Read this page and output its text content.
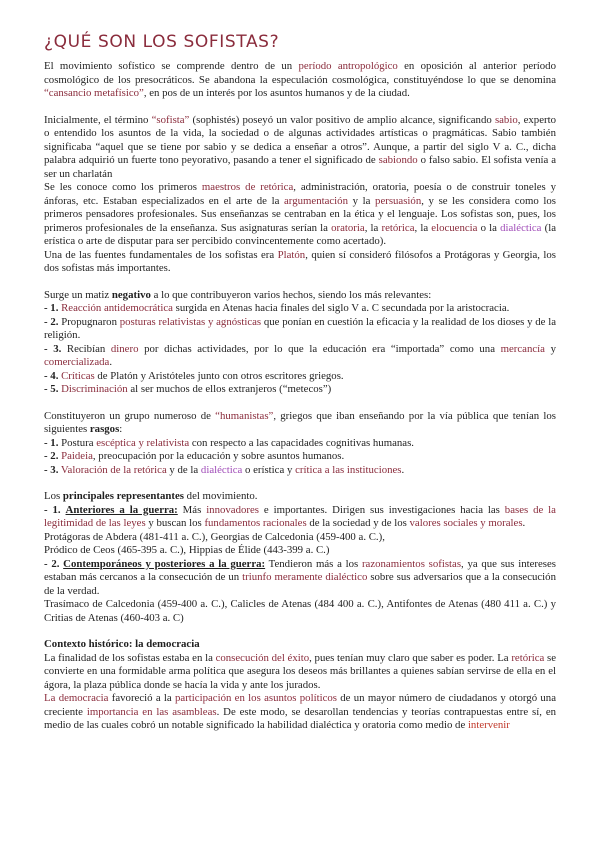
¿QUÉ SON LOS SOFISTAS?

El movimiento sofístico se comprende dentro de un período antropológico en oposición al anterior período cosmológico de los presocráticos. Se abandona la especulación cosmológica, constituyéndose lo que se denomina “cansancio metafísico”, en pos de un interés por los asuntos humanos y de la ciudad.

Inicialmente, el término “sofista” (sophistés) poseyó un valor positivo de amplio alcance, significando sabio, experto o entendido los asuntos de la vida, la sociedad o de algunas actividades artísticas o pragmáticas. Sabio también significaba “aquel que se tiene por sabio y se dedica a enseñar a otros”. Aunque, a partir del siglo V a. C., dicha palabra adquirió un fuerte tono peyorativo, pasando a tener el significado de sabiondo o falso sabio. El sofista venía a ser un charlatán

Se les conoce como los primeros maestros de retórica, administración, oratoria, poesía o de construir toneles y ánforas, etc. Estaban especializados en el arte de la argumentación y la persuasión, y se les considera como los primeros pensadores profesionales. Sus enseñanzas se centraban en la ética y el lenguaje. Los sofistas son, pues, los primeros profesionales de la enseñanza. Sus asignaturas serían la oratoria, la retórica, la elocuencia o la dialéctica (la erística o arte de disputar para ser percibido convincentemente como acertado).

Una de las fuentes fundamentales de los sofistas era Platón, quien sí consideró filósofos a Protágoras y Georgia, los dos sofistas más importantes.

Surge un matiz negativo a lo que contribuyeron varios hechos, siendo los más relevantes:

- 1. Reacción antidemocrática surgida en Atenas hacia finales del siglo V a. C secundada por la aristocracia.

- 2. Propugnaron posturas relativistas y agnósticas que ponían en cuestión la eficacia y la realidad de los dioses y de la religión.

- 3. Recibían dinero por dichas actividades, por lo que la educación era “importada” como una mercancía y comercializada.

- 4. Críticas de Platón y Aristóteles junto con otros escritores griegos.

- 5. Discriminación al ser muchos de ellos extranjeros (“metecos”)

Constituyeron un grupo numeroso de “humanistas”, griegos que iban enseñando por la vía pública que tenían los siguientes rasgos:

- 1. Postura escéptica y relativista con respecto a las capacidades cognitivas humanas.

- 2. Paideia, preocupación por la educación y sobre asuntos humanos.

- 3. Valoración de la retórica y de la dialéctica o erística y crítica a las instituciones.

Los principales representantes del movimiento.

- 1. Anteriores a la guerra: Más innovadores e importantes. Dirigen sus investigaciones hacia las bases de la legitimidad de las leyes y buscan los fundamentos racionales de la sociedad y de los valores sociales y morales.

Protágoras de Abdera (481-411 a. C.), Georgias de Calcedonia (459-400 a. C.),

Pródico de Ceos (465-395 a. C.), Hippias de Élide (443-399 a. C.)

- 2. Contemporáneos y posteriores a la guerra: Tendieron más a los razonamientos sofistas, ya que sus intereses estaban más cercanos a la consecución de un triunfo meramente dialéctico sobre sus adversarios que a la consecución de la verdad.

Trasímaco de Calcedonia (459-400 a. C.), Calicles de Atenas (484 400 a. C.), Antifontes de Atenas (480 411 a. C.) y Critias de Atenas (460-403 a. C)

Contexto histórico: la democracia

La finalidad de los sofistas estaba en la consecución del éxito, pues tenían muy claro que saber es poder. La retórica se convierte en una formidable arma política que asegura los deseos más brillantes a quienes sabían servirse de ella en el ágora, la plaza pública donde se hacía la vida y ante los jurados.

La democracia favoreció a la participación en los asuntos políticos de un mayor número de ciudadanos y otorgó una creciente importancia en las asambleas. De este modo, se desarollan tendencias y teorías contrapuestas entre sí, en medio de las cuales cobró un notable significado la habilidad dialéctica y oratoria como medio de intervenir
